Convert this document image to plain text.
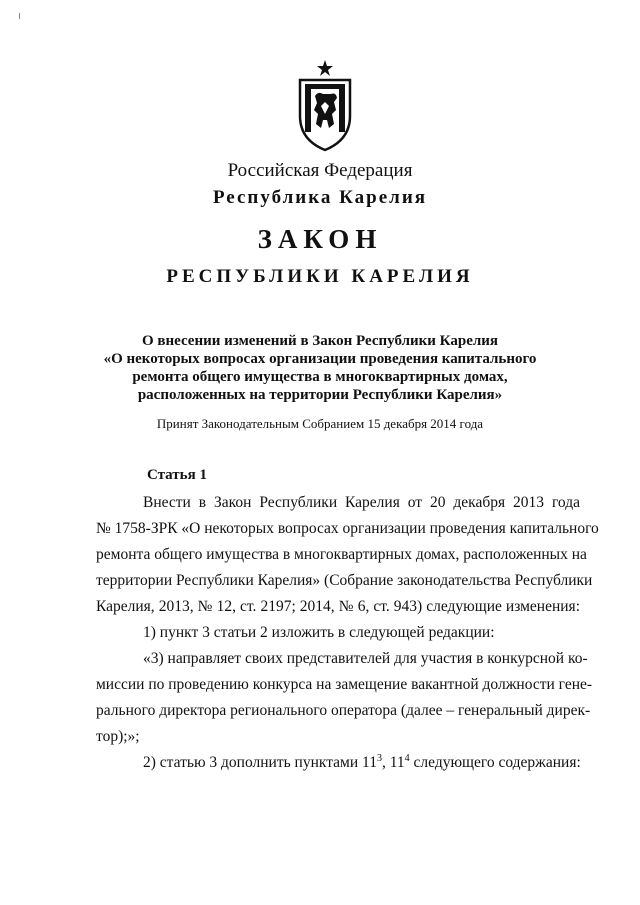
Российская Федерация
Республика Карелия
ЗАКОН
РЕСПУБЛИКИ КАРЕЛИЯ
О внесении изменений в Закон Республики Карелия
«О некоторых вопросах организации проведения капитального
ремонта общего имущества в многоквартирных домах,
расположенных на территории Республики Карелия»
Принят Законодательным Собранием 15 декабря 2014 года
Статья 1
Внести в Закон Республики Карелия от 20 декабря 2013 года
№ 1758-ЗРК «О некоторых вопросах организации проведения капитального
ремонта общего имущества в многоквартирных домах, расположенных на
территории Республики Карелия» (Собрание законодательства Республики
Карелия, 2013, № 12, ст. 2197; 2014, № 6, ст. 943) следующие изменения:
1) пункт 3 статьи 2 изложить в следующей редакции:
«3) направляет своих представителей для участия в конкурсной ко-
миссии по проведению конкурса на замещение вакантной должности гене-
рального директора регионального оператора (далее – генеральный дирек-
тор);»;
2) статью 3 дополнить пунктами $11^3$, $11^4$ следующего содержания:
